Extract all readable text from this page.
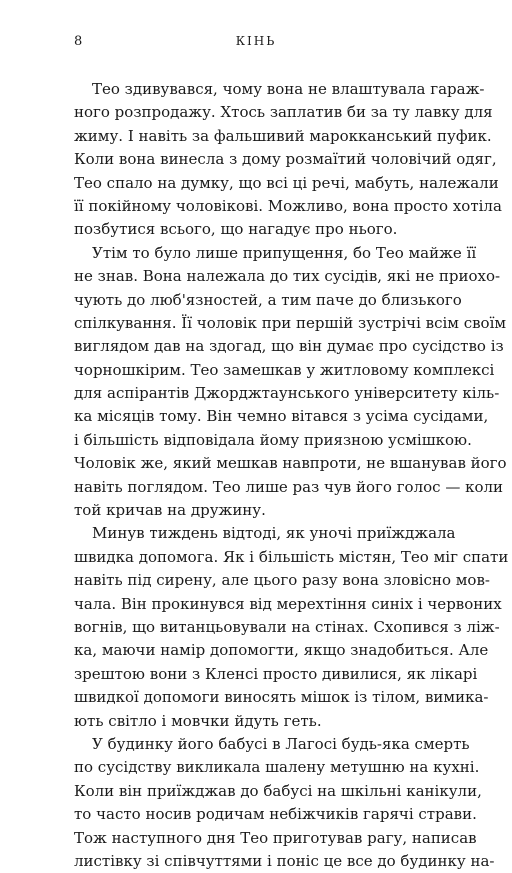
8	КІНЬ
Тео здивувався, чому вона не влаштувала гараж-
ного розпродажу. Хтось заплатив би за ту лавку для
жиму. І навіть за фальшивий марокканський пуфик.
Коли вона винесла з дому розмаїтий чоловічий одяг,
Тео спало на думку, що всі ці речі, мабуть, належали
її покійному чоловікові. Можливо, вона просто хотіла
позбутися всього, що нагадує про нього.
Утім то було лише припущення, бо Тео майже її
не знав. Вона належала до тих сусідів, які не приохо-
чують до люб'язностей, а тим паче до близького
спілкування. Її чоловік при першій зустрічі всім своїм
виглядом дав на здогад, що він думає про сусідство із
чорношкірим. Тео замешкав у житловому комплексі
для аспірантів Джорджтаунського університету кіль-
ка місяців тому. Він чемно вітався з усіма сусідами,
і більшість відповідала йому приязною усмішкою.
Чоловік же, який мешкав навпроти, не вшанував його
навіть поглядом. Тео лише раз чув його голос — коли
той кричав на дружину.
Минув тиждень відтоді, як уночі приїжджала
швидка допомога. Як і більшість містян, Тео міг спати
навіть під сирену, але цього разу вона зловісно мов-
чала. Він прокинувся від мерехтіння синіх і червоних
вогнів, що витанцьовували на стінах. Схопився з ліж-
ка, маючи намір допомогти, якщо знадобиться. Але
зрештою вони з Кленсі просто дивилися, як лікарі
швидкої допомоги виносять мішок із тілом, вимика-
ють світло і мовчки йдуть геть.
У будинку його бабусі в Лагосі будь-яка смерть
по сусідству викликала шалену метушню на кухні.
Коли він приїжджав до бабусі на шкільні канікули,
то часто носив родичам небіжчиків гарячі страви.
Тож наступного дня Тео приготував рагу, написав
листівку зі співчуттями і поніс це все до будинку на-
